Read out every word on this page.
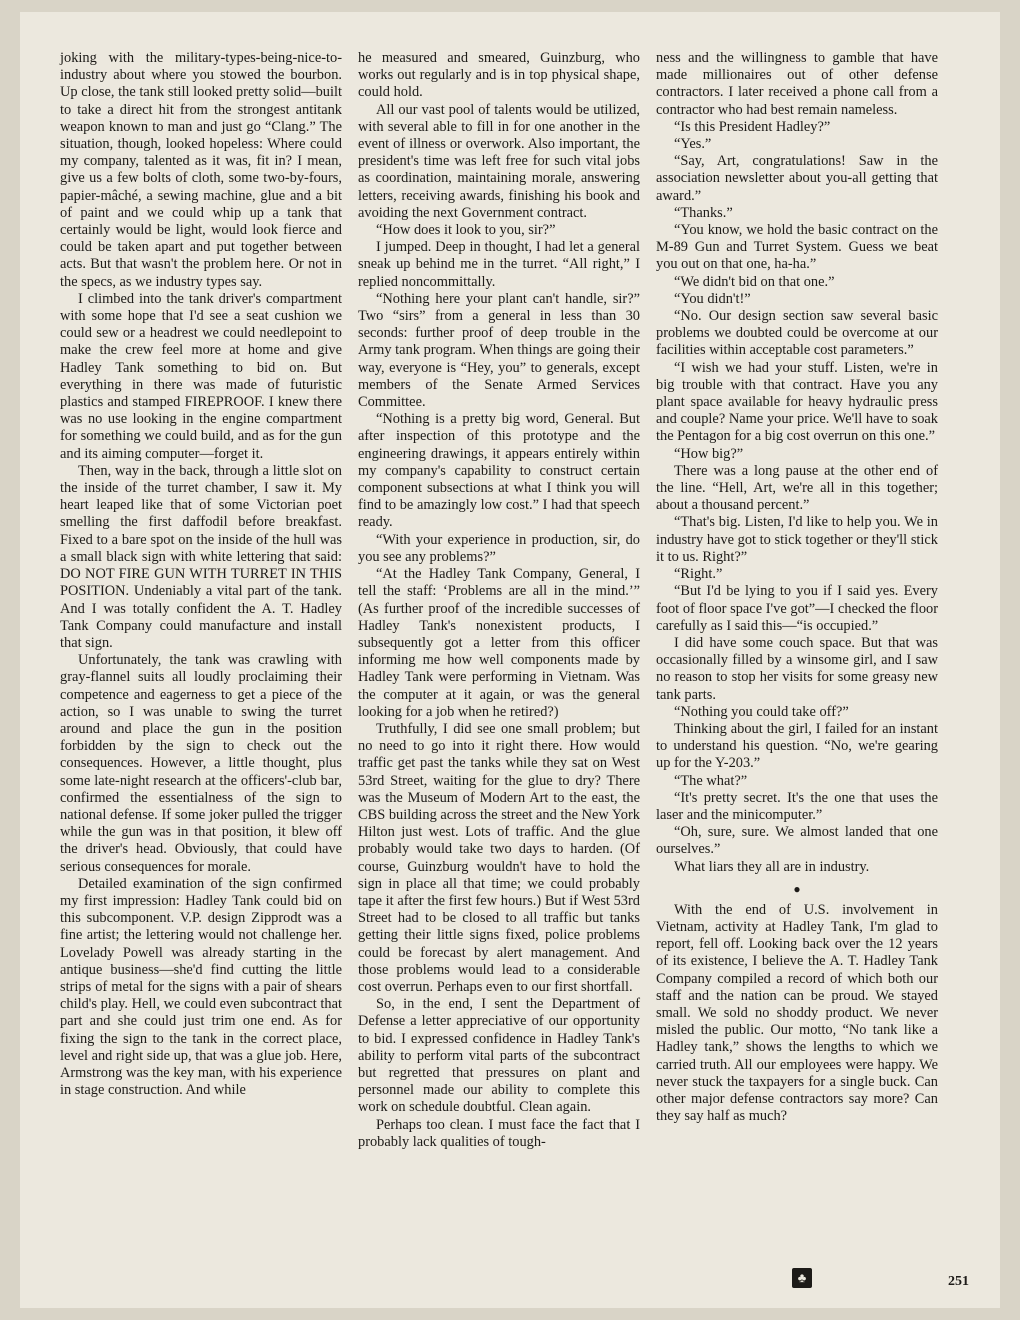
joking with the military-types-being-nice-to-industry about where you stowed the bourbon. Up close, the tank still looked pretty solid—built to take a direct hit from the strongest antitank weapon known to man and just go “Clang.” The situation, though, looked hopeless: Where could my company, talented as it was, fit in? I mean, give us a few bolts of cloth, some two-by-fours, papier-mâché, a sewing machine, glue and a bit of paint and we could whip up a tank that certainly would be light, would look fierce and could be taken apart and put together between acts. But that wasn't the problem here. Or not in the specs, as we industry types say.

I climbed into the tank driver's compartment with some hope that I'd see a seat cushion we could sew or a headrest we could needlepoint to make the crew feel more at home and give Hadley Tank something to bid on. But everything in there was made of futuristic plastics and stamped FIREPROOF. I knew there was no use looking in the engine compartment for something we could build, and as for the gun and its aiming computer—forget it.

Then, way in the back, through a little slot on the inside of the turret chamber, I saw it. My heart leaped like that of some Victorian poet smelling the first daffodil before breakfast. Fixed to a bare spot on the inside of the hull was a small black sign with white lettering that said: DO NOT FIRE GUN WITH TURRET IN THIS POSITION. Undeniably a vital part of the tank. And I was totally confident the A. T. Hadley Tank Company could manufacture and install that sign.

Unfortunately, the tank was crawling with gray-flannel suits all loudly proclaiming their competence and eagerness to get a piece of the action, so I was unable to swing the turret around and place the gun in the position forbidden by the sign to check out the consequences. However, a little thought, plus some late-night research at the officers'-club bar, confirmed the essentialness of the sign to national defense. If some joker pulled the trigger while the gun was in that position, it blew off the driver's head. Obviously, that could have serious consequences for morale.

Detailed examination of the sign confirmed my first impression: Hadley Tank could bid on this subcomponent. V.P. design Zipprodt was a fine artist; the lettering would not challenge her. Lovelady Powell was already starting in the antique business—she'd find cutting the little strips of metal for the signs with a pair of shears child's play. Hell, we could even subcontract that part and she could just trim one end. As for fixing the sign to the tank in the correct place, level and right side up, that was a glue job. Here, Armstrong was the key man, with his experience in stage construction. And while

he measured and smeared, Guinzburg, who works out regularly and is in top physical shape, could hold.

All our vast pool of talents would be utilized, with several able to fill in for one another in the event of illness or overwork. Also important, the president's time was left free for such vital jobs as coordination, maintaining morale, answering letters, receiving awards, finishing his book and avoiding the next Government contract.

“How does it look to you, sir?”

I jumped. Deep in thought, I had let a general sneak up behind me in the turret. “All right,” I replied noncommittally.

“Nothing here your plant can't handle, sir?” Two “sirs” from a general in less than 30 seconds: further proof of deep trouble in the Army tank program. When things are going their way, everyone is “Hey, you” to generals, except members of the Senate Armed Services Committee.

“Nothing is a pretty big word, General. But after inspection of this prototype and the engineering drawings, it appears entirely within my company's capability to construct certain component subsections at what I think you will find to be amazingly low cost.” I had that speech ready.

“With your experience in production, sir, do you see any problems?”

“At the Hadley Tank Company, General, I tell the staff: ‘Problems are all in the mind.’” (As further proof of the incredible successes of Hadley Tank's nonexistent products, I subsequently got a letter from this officer informing me how well components made by Hadley Tank were performing in Vietnam. Was the computer at it again, or was the general looking for a job when he retired?)

Truthfully, I did see one small problem; but no need to go into it right there. How would traffic get past the tanks while they sat on West 53rd Street, waiting for the glue to dry? There was the Museum of Modern Art to the east, the CBS building across the street and the New York Hilton just west. Lots of traffic. And the glue probably would take two days to harden. (Of course, Guinzburg wouldn't have to hold the sign in place all that time; we could probably tape it after the first few hours.) But if West 53rd Street had to be closed to all traffic but tanks getting their little signs fixed, police problems could be forecast by alert management. And those problems would lead to a considerable cost overrun. Perhaps even to our first shortfall.

So, in the end, I sent the Department of Defense a letter appreciative of our opportunity to bid. I expressed confidence in Hadley Tank's ability to perform vital parts of the subcontract but regretted that pressures on plant and personnel made our ability to complete this work on schedule doubtful. Clean again.

Perhaps too clean. I must face the fact that I probably lack qualities of tough-

ness and the willingness to gamble that have made millionaires out of other defense contractors. I later received a phone call from a contractor who had best remain nameless.

“Is this President Hadley?”

“Yes.”

“Say, Art, congratulations! Saw in the association newsletter about you-all getting that award.”

“Thanks.”

“You know, we hold the basic contract on the M-89 Gun and Turret System. Guess we beat you out on that one, ha-ha.”

“We didn't bid on that one.”

“You didn't!”

“No. Our design section saw several basic problems we doubted could be overcome at our facilities within acceptable cost parameters.”

“I wish we had your stuff. Listen, we're in big trouble with that contract. Have you any plant space available for heavy hydraulic press and couple? Name your price. We'll have to soak the Pentagon for a big cost overrun on this one.”

“How big?”

There was a long pause at the other end of the line. “Hell, Art, we're all in this together; about a thousand percent.”

“That's big. Listen, I'd like to help you. We in industry have got to stick together or they'll stick it to us. Right?”

“Right.”

“But I'd be lying to you if I said yes. Every foot of floor space I've got”—I checked the floor carefully as I said this—“is occupied.”

I did have some couch space. But that was occasionally filled by a winsome girl, and I saw no reason to stop her visits for some greasy new tank parts.

“Nothing you could take off?”

Thinking about the girl, I failed for an instant to understand his question. “No, we're gearing up for the Y-203.”

“The what?”

“It's pretty secret. It's the one that uses the laser and the minicomputer.”

“Oh, sure, sure. We almost landed that one ourselves.”

What liars they all are in industry.

●

With the end of U.S. involvement in Vietnam, activity at Hadley Tank, I'm glad to report, fell off. Looking back over the 12 years of its existence, I believe the A. T. Hadley Tank Company compiled a record of which both our staff and the nation can be proud. We stayed small. We sold no shoddy product. We never misled the public. Our motto, “No tank like a Hadley tank,” shows the lengths to which we carried truth. All our employees were happy. We never stuck the taxpayers for a single buck. Can other major defense contractors say more? Can they say half as much?

♣	251
